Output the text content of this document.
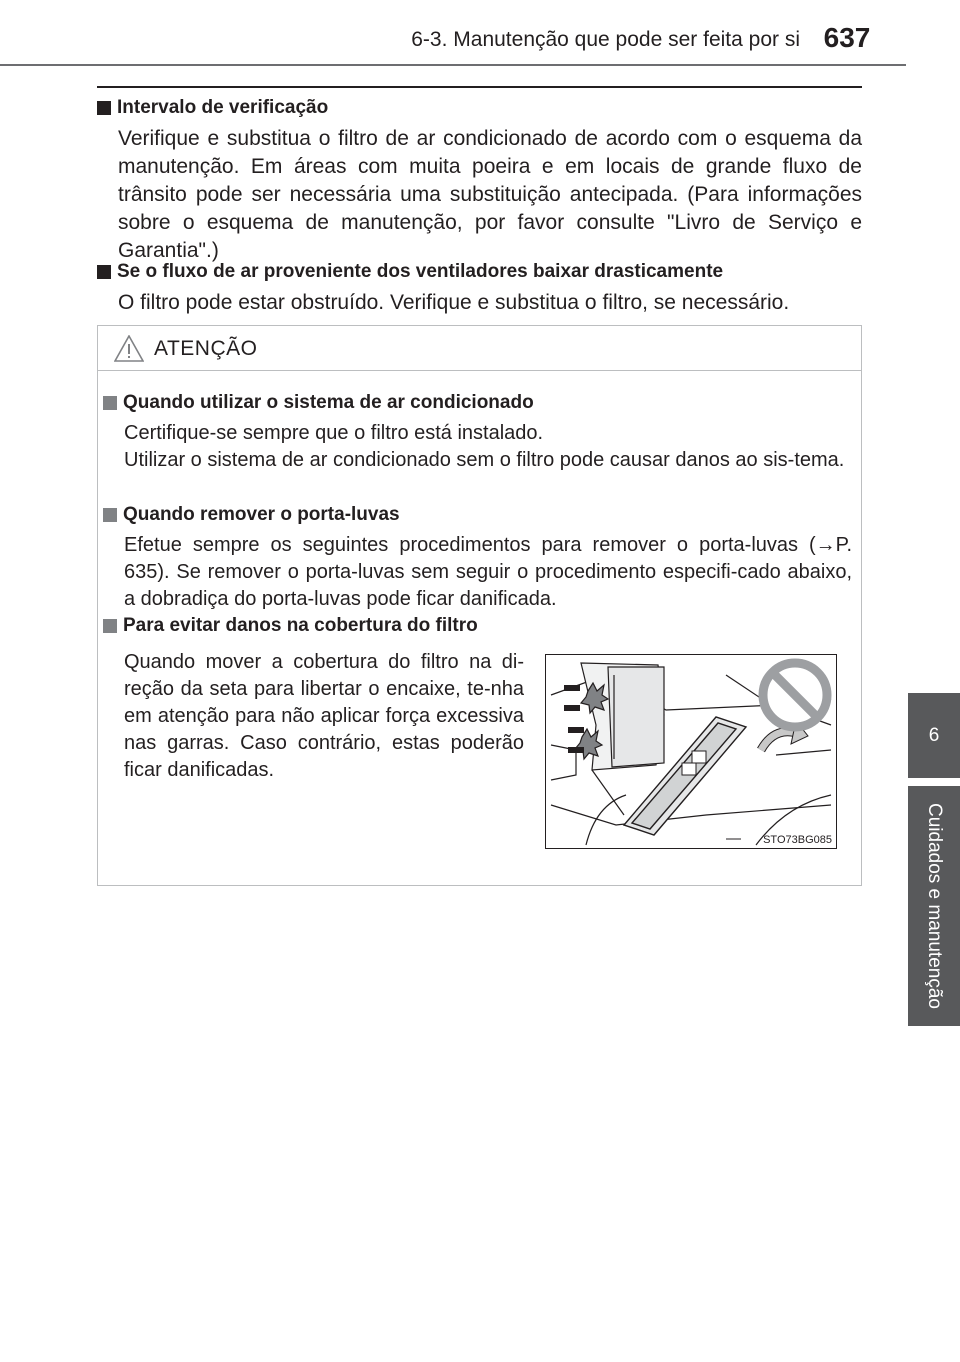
6-3. Manutenção que pode ser feita por si 637
6
Cuidados e manutenção
Intervalo de verificação
Verifique e substitua o filtro de ar condicionado de acordo com o esquema da manutenção. Em áreas com muita poeira e em locais de grande fluxo de trânsito pode ser necessária uma substituição antecipada. (Para informações sobre o esquema de manutenção, por favor consulte "Livro de Serviço e Garantia".)
Se o fluxo de ar proveniente dos ventiladores baixar drasticamente
O filtro pode estar obstruído. Verifique e substitua o filtro, se necessário.
ATENÇÃO
Quando utilizar o sistema de ar condicionado

Certifique-se sempre que o filtro está instalado.

Utilizar o sistema de ar condicionado sem o filtro pode causar danos ao sis-tema.

Quando remover o porta-luvas

Efetue sempre os seguintes procedimentos para remover o porta-luvas (→P. 635). Se remover o porta-luvas sem seguir o procedimento especifi-cado abaixo, a dobradiça do porta-luvas pode ficar danificada.

Para evitar danos na cobertura do filtro
Quando mover a cobertura do filtro na di-reção da seta para libertar o encaixe, te-nha em atenção para não aplicar força excessiva nas garras. Caso contrário, estas poderão ficar danificadas.
STO73BG085
